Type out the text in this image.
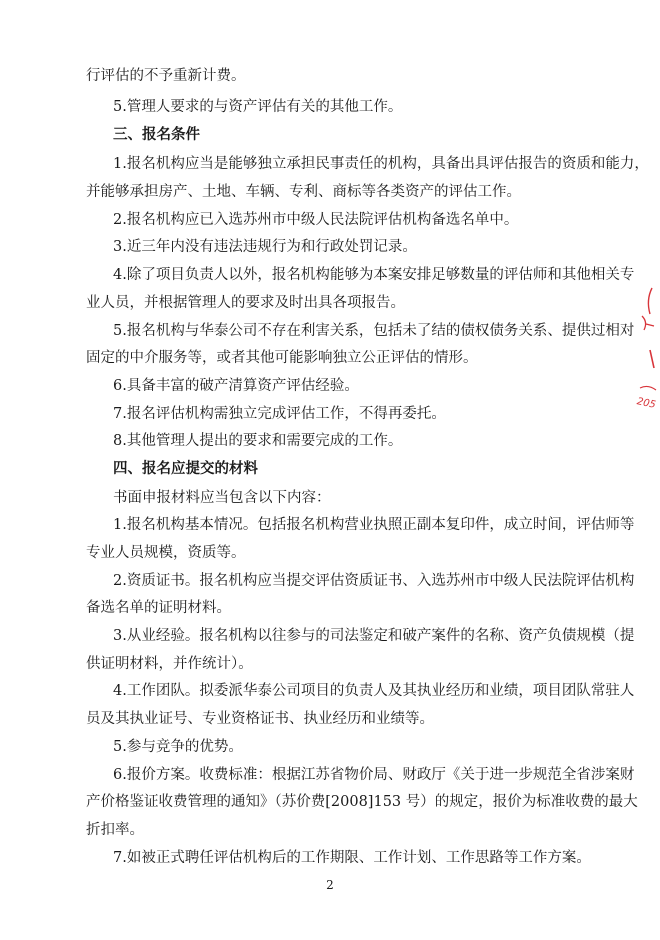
行评估的不予重新计费。

5.管理人要求的与资产评估有关的其他工作。

三、报名条件

1.报名机构应当是能够独立承担民事责任的机构，具备出具评估报告的资质和能力，

并能够承担房产、土地、车辆、专利、商标等各类资产的评估工作。

2.报名机构应已入选苏州市中级人民法院评估机构备选名单中。

3.近三年内没有违法违规行为和行政处罚记录。

4.除了项目负责人以外，报名机构能够为本案安排足够数量的评估师和其他相关专

业人员，并根据管理人的要求及时出具各项报告。

5.报名机构与华泰公司不存在利害关系，包括未了结的债权债务关系、提供过相对

固定的中介服务等，或者其他可能影响独立公正评估的情形。

6.具备丰富的破产清算资产评估经验。

7.报名评估机构需独立完成评估工作，不得再委托。

8.其他管理人提出的要求和需要完成的工作。

四、报名应提交的材料

书面申报材料应当包含以下内容：

1.报名机构基本情况。包括报名机构营业执照正副本复印件，成立时间，评估师等

专业人员规模，资质等。

2.资质证书。报名机构应当提交评估资质证书、入选苏州市中级人民法院评估机构

备选名单的证明材料。

3.从业经验。报名机构以往参与的司法鉴定和破产案件的名称、资产负债规模（提

供证明材料，并作统计）。

4.工作团队。拟委派华泰公司项目的负责人及其执业经历和业绩，项目团队常驻人

员及其执业证号、专业资格证书、执业经历和业绩等。

5.参与竞争的优势。

6.报价方案。收费标准：根据江苏省物价局、财政厅《关于进一步规范全省涉案财

产价格鉴证收费管理的通知》（苏价费[2008]153 号）的规定，报价为标准收费的最大

折扣率。

7.如被正式聘任评估机构后的工作期限、工作计划、工作思路等工作方案。

2
205
